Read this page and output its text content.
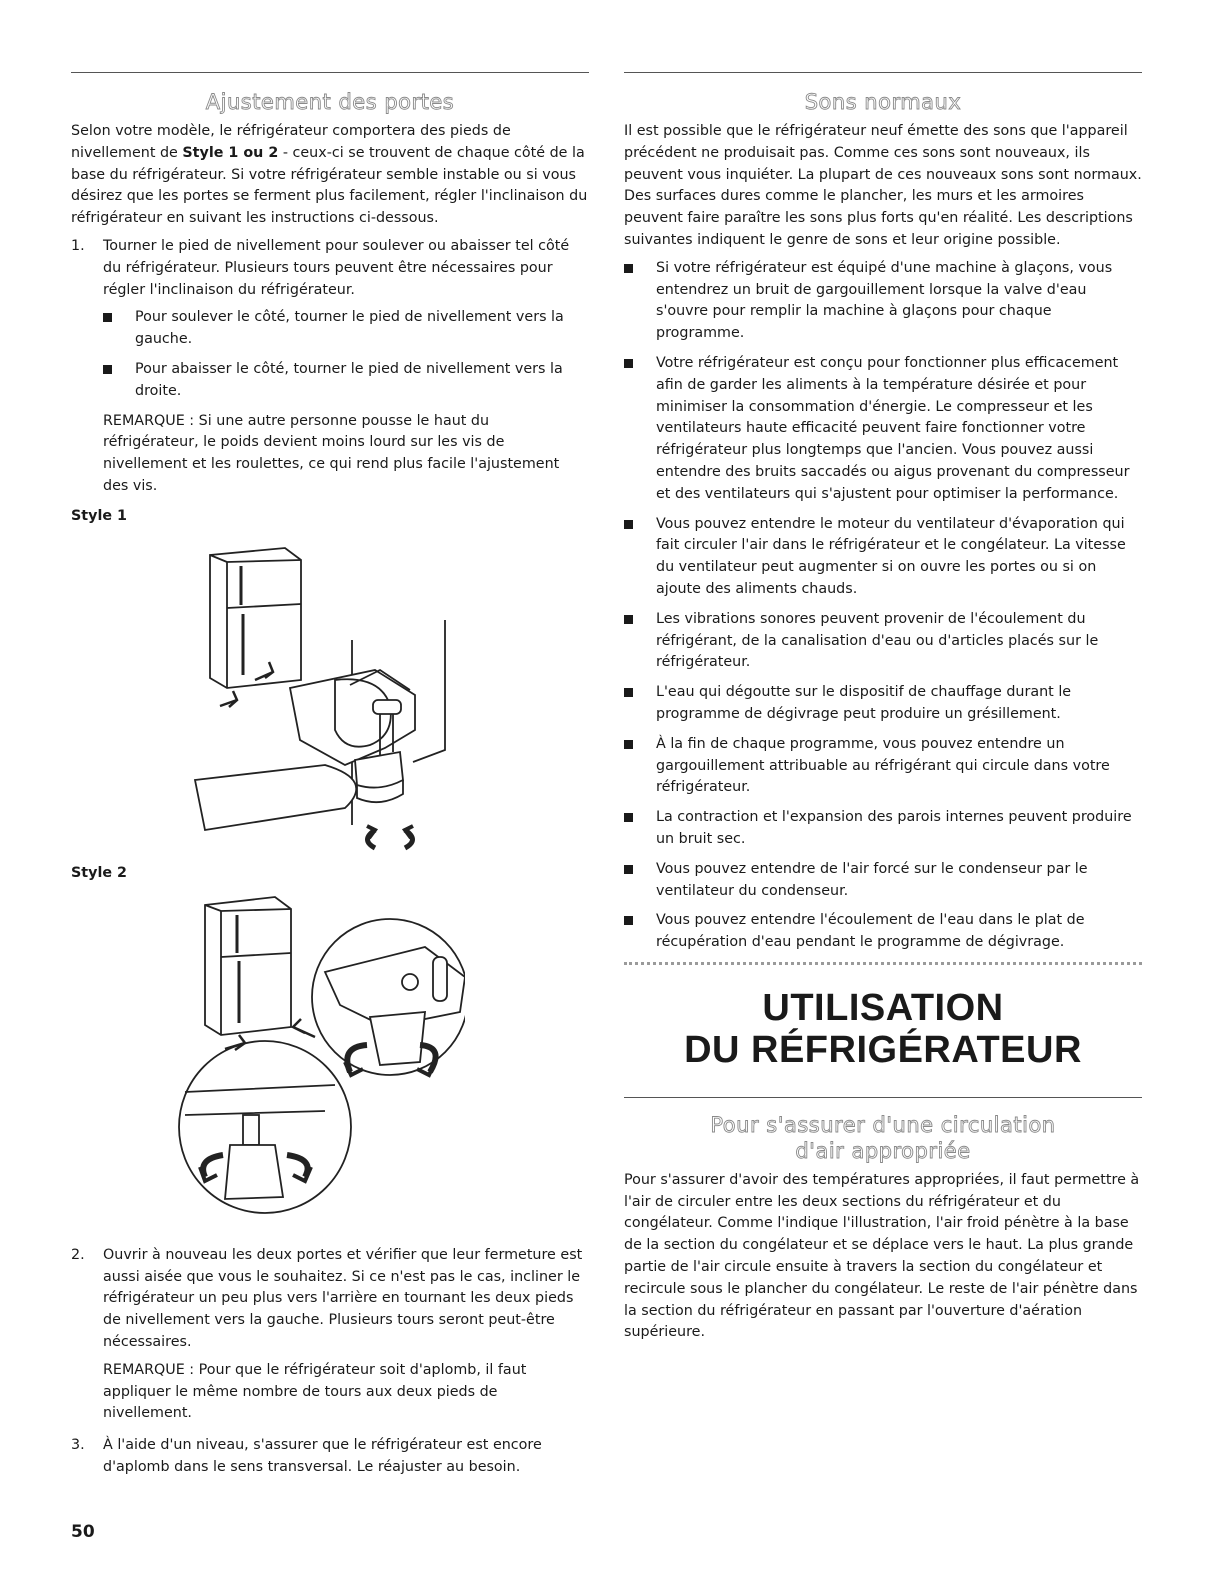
Ajustement des portes

Selon votre modèle, le réfrigérateur comportera des pieds de nivellement de Style 1 ou 2 - ceux-ci se trouvent de chaque côté de la base du réfrigérateur. Si votre réfrigérateur semble instable ou si vous désirez que les portes se ferment plus facilement, régler l'inclinaison du réfrigérateur en suivant les instructions ci-dessous.

1. Tourner le pied de nivellement pour soulever ou abaisser tel côté du réfrigérateur. Plusieurs tours peuvent être nécessaires pour régler l'inclinaison du réfrigérateur.
Pour soulever le côté, tourner le pied de nivellement vers la gauche.
Pour abaisser le côté, tourner le pied de nivellement vers la droite.

REMARQUE : Si une autre personne pousse le haut du réfrigérateur, le poids devient moins lourd sur les vis de nivellement et les roulettes, ce qui rend plus facile l'ajustement des vis.

Style 1
Style 2
2. Ouvrir à nouveau les deux portes et vérifier que leur fermeture est aussi aisée que vous le souhaitez. Si ce n'est pas le cas, incliner le réfrigérateur un peu plus vers l'arrière en tournant les deux pieds de nivellement vers la gauche. Plusieurs tours seront peut-être nécessaires.

REMARQUE : Pour que le réfrigérateur soit d'aplomb, il faut appliquer le même nombre de tours aux deux pieds de nivellement.

3. À l'aide d'un niveau, s'assurer que le réfrigérateur est encore d'aplomb dans le sens transversal. Le réajuster au besoin.
Sons normaux

Il est possible que le réfrigérateur neuf émette des sons que l'appareil précédent ne produisait pas. Comme ces sons sont nouveaux, ils peuvent vous inquiéter. La plupart de ces nouveaux sons sont normaux. Des surfaces dures comme le plancher, les murs et les armoires peuvent faire paraître les sons plus forts qu'en réalité. Les descriptions suivantes indiquent le genre de sons et leur origine possible.

Si votre réfrigérateur est équipé d'une machine à glaçons, vous entendrez un bruit de gargouillement lorsque la valve d'eau s'ouvre pour remplir la machine à glaçons pour chaque programme.
Votre réfrigérateur est conçu pour fonctionner plus efficacement afin de garder les aliments à la température désirée et pour minimiser la consommation d'énergie. Le compresseur et les ventilateurs haute efficacité peuvent faire fonctionner votre réfrigérateur plus longtemps que l'ancien. Vous pouvez aussi entendre des bruits saccadés ou aigus provenant du compresseur et des ventilateurs qui s'ajustent pour optimiser la performance.
Vous pouvez entendre le moteur du ventilateur d'évaporation qui fait circuler l'air dans le réfrigérateur et le congélateur. La vitesse du ventilateur peut augmenter si on ouvre les portes ou si on ajoute des aliments chauds.
Les vibrations sonores peuvent provenir de l'écoulement du réfrigérant, de la canalisation d'eau ou d'articles placés sur le réfrigérateur.
L'eau qui dégoutte sur le dispositif de chauffage durant le programme de dégivrage peut produire un grésillement.
À la fin de chaque programme, vous pouvez entendre un gargouillement attribuable au réfrigérant qui circule dans votre réfrigérateur.
La contraction et l'expansion des parois internes peuvent produire un bruit sec.
Vous pouvez entendre de l'air forcé sur le condenseur par le ventilateur du condenseur.
Vous pouvez entendre l'écoulement de l'eau dans le plat de récupération d'eau pendant le programme de dégivrage.
UTILISATION
DU RÉFRIGÉRATEUR
Pour s'assurer d'une circulation
d'air appropriée

Pour s'assurer d'avoir des températures appropriées, il faut permettre à l'air de circuler entre les deux sections du réfrigérateur et du congélateur. Comme l'indique l'illustration, l'air froid pénètre à la base de la section du congélateur et se déplace vers le haut. La plus grande partie de l'air circule ensuite à travers la section du congélateur et recircule sous le plancher du congélateur. Le reste de l'air pénètre dans la section du réfrigérateur en passant par l'ouverture d'aération supérieure.

50
